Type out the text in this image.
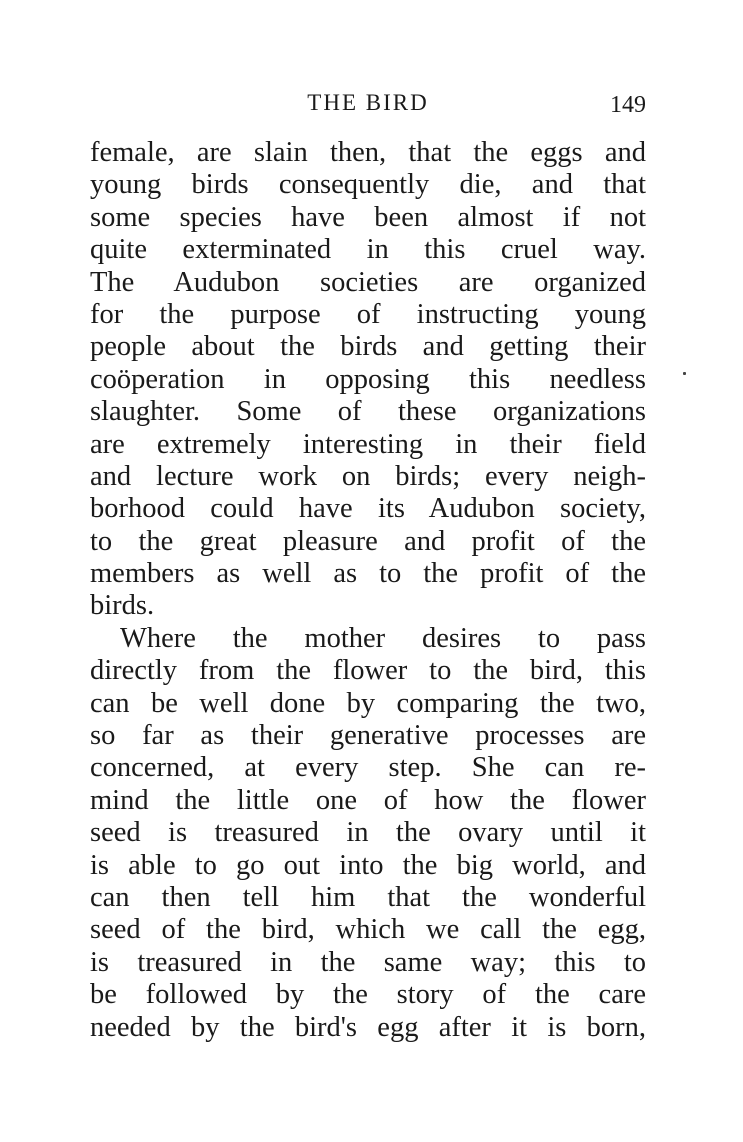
THE BIRD	149
female, are slain then, that the eggs and
young birds consequently die, and that
some species have been almost if not
quite exterminated in this cruel way.
The Audubon societies are organized
for the purpose of instructing young
people about the birds and getting their
coöperation in opposing this needless
slaughter. Some of these organizations
are extremely interesting in their field
and lecture work on birds; every neigh-
borhood could have its Audubon society,
to the great pleasure and profit of the
members as well as to the profit of the
birds.
Where the mother desires to pass
directly from the flower to the bird, this
can be well done by comparing the two,
so far as their generative processes are
concerned, at every step. She can re-
mind the little one of how the flower
seed is treasured in the ovary until it
is able to go out into the big world, and
can then tell him that the wonderful
seed of the bird, which we call the egg,
is treasured in the same way; this to
be followed by the story of the care
needed by the bird's egg after it is born,
